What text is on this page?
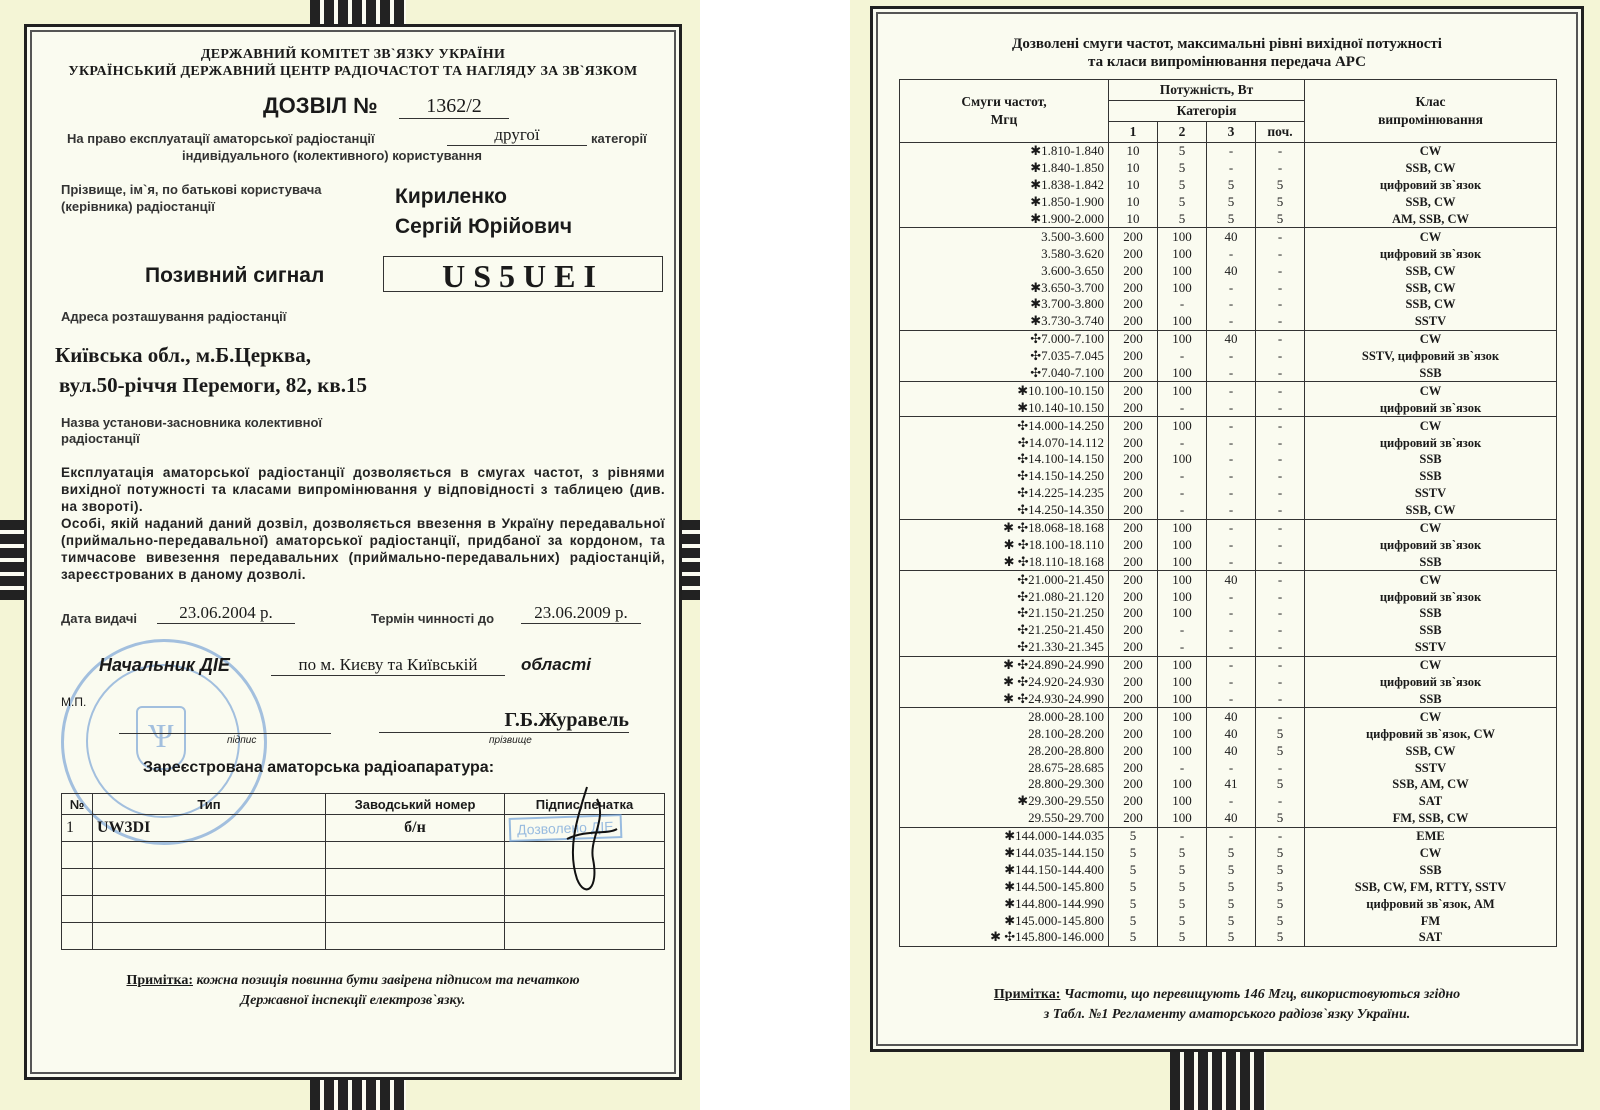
ДЕРЖАВНИЙ КОМІТЕТ ЗВ`ЯЗКУ УКРАЇНИ
УКРАЇНСЬКИЙ ДЕРЖАВНИЙ ЦЕНТР РАДІОЧАСТОТ ТА НАГЛЯДУ ЗА ЗВ`ЯЗКОМ
ДОЗВІЛ №	1362/2
На право експлуатації аматорської радіостанції	другої	категорії
індивідуального (колективного) користування
Прізвище, ім`я, по батькові користувача (керівника) радіостанції	Кириленко
Сергій Юрійович
Позивний сигнал	US5UEI
Адреса розташування радіостанції
Київська обл., м.Б.Церква,
вул.50-річчя Перемоги, 82, кв.15
Назва установи-засновника колективної радіостанції
Експлуатація аматорської радіостанції дозволяється в смугах частот, з рівнями вихідної потужності та класами випромінювання у відповідності з таблицею (див. на звороті).
Особі, якій наданий даний дозвіл, дозволяється ввезення в Україну передавальної (приймально-передавальної) аматорської радіостанції, придбаної за кордоном, та тимчасове вивезення передавальних (приймально-передавальних) радіостанцій, зареєстрованих в даному дозволі.
Дата видачі	23.06.2004 р.	Термін чинності до	23.06.2009 р.
Ѱ
Начальник ДІЕ	по м. Києву та Київській	області
М.П.
підпис
Г.Б.Журавель
прізвище
Зареєстрована аматорська радіоапаратура:
№	Тип	Заводський номер	Підпис/печатка
1	UW3DI	б/н	Дозволено ДІЕ

Примітка: кожна позиція повинна бути завірена підписом та печаткою
Державної інспекції електрозв`язку.
Дозволені смуги частот, максимальні рівні вихідної потужності
та класи випромінювання передача АРС
Смуги частот,
Мгц	Потужність, Вт				Клас
випромінювання
	Категорія				
	1	2	3	поч.	
✱1.810-1.840	10	5	-	-	CW
✱1.840-1.850	10	5	-	-	SSB, CW
✱1.838-1.842	10	5	5	5	цифровий зв`язок
✱1.850-1.900	10	5	5	5	SSB, CW
✱1.900-2.000	10	5	5	5	AM, SSB, CW
3.500-3.600	200	100	40	-	CW
3.580-3.620	200	100	-	-	цифровий зв`язок
3.600-3.650	200	100	40	-	SSB, CW
✱3.650-3.700	200	100	-	-	SSB, CW
✱3.700-3.800	200	-	-	-	SSB, CW
✱3.730-3.740	200	100	-	-	SSTV
✣7.000-7.100	200	100	40	-	CW
✣7.035-7.045	200	-	-	-	SSTV, цифровий зв`язок
✣7.040-7.100	200	100	-	-	SSB
✱10.100-10.150	200	100	-	-	CW
✱10.140-10.150	200	-	-	-	цифровий зв`язок
✣14.000-14.250	200	100	-	-	CW
✣14.070-14.112	200	-	-	-	цифровий зв`язок
✣14.100-14.150	200	100	-	-	SSB
✣14.150-14.250	200	-	-	-	SSB
✣14.225-14.235	200	-	-	-	SSTV
✣14.250-14.350	200	-	-	-	SSB, CW
✱ ✣18.068-18.168	200	100	-	-	CW
✱ ✣18.100-18.110	200	100	-	-	цифровий зв`язок
✱ ✣18.110-18.168	200	100	-	-	SSB
✣21.000-21.450	200	100	40	-	CW
✣21.080-21.120	200	100	-	-	цифровий зв`язок
✣21.150-21.250	200	100	-	-	SSB
✣21.250-21.450	200	-	-	-	SSB
✣21.330-21.345	200	-	-	-	SSTV
✱ ✣24.890-24.990	200	100	-	-	CW
✱ ✣24.920-24.930	200	100	-	-	цифровий зв`язок
✱ ✣24.930-24.990	200	100	-	-	SSB
28.000-28.100	200	100	40	-	CW
28.100-28.200	200	100	40	5	цифровий зв`язок, CW
28.200-28.800	200	100	40	5	SSB, CW
28.675-28.685	200	-	-	-	SSTV
28.800-29.300	200	100	41	5	SSB, AM, CW
✱29.300-29.550	200	100	-	-	SAT
29.550-29.700	200	100	40	5	FM, SSB, CW
✱144.000-144.035	5	-	-	-	EME
✱144.035-144.150	5	5	5	5	CW
✱144.150-144.400	5	5	5	5	SSB
✱144.500-145.800	5	5	5	5	SSB, CW, FM, RTTY, SSTV
✱144.800-144.990	5	5	5	5	цифровий зв`язок, AM
✱145.000-145.800	5	5	5	5	FM
✱ ✣145.800-146.000	5	5	5	5	SAT
Примітка: Частоти, що перевищують 146 Мгц, використовуються згідно
з Табл. №1 Регламенту аматорського радіозв`язку України.
